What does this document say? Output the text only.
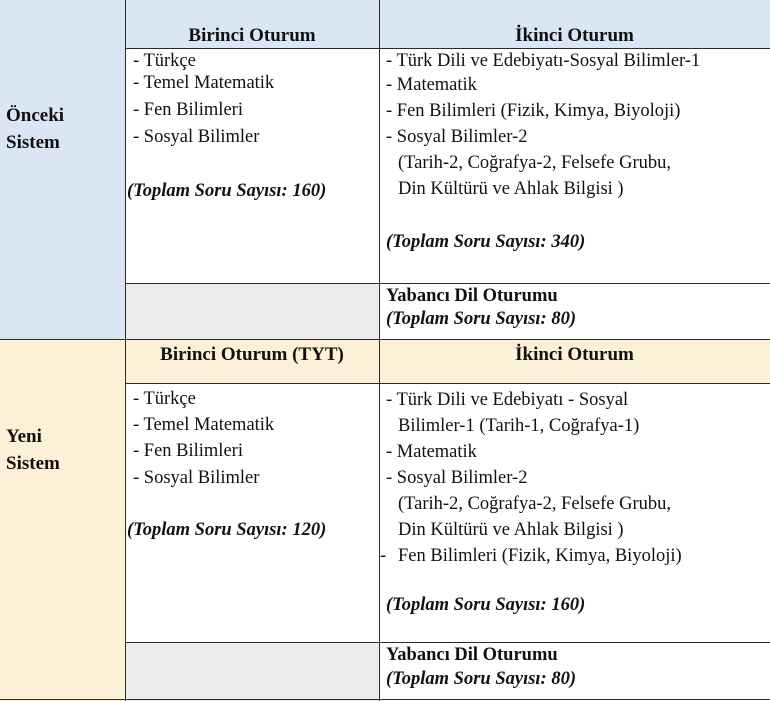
Önceki
Sistem
Birinci Oturum	İkinci Oturum
- Türkçe
- Temel Matematik
- Fen Bilimleri
- Sosyal Bilimler
(Toplam Soru Sayısı: 160)
- Türk Dili ve Edebiyatı-Sosyal Bilimler-1
- Matematik
- Fen Bilimleri (Fizik, Kimya, Biyoloji)
- Sosyal Bilimler-2
(Tarih-2, Coğrafya-2, Felsefe Grubu,
Din Kültürü ve Ahlak Bilgisi )
(Toplam Soru Sayısı: 340)
Yabancı Dil Oturumu
(Toplam Soru Sayısı: 80)
Yeni
Sistem
Birinci Oturum (TYT)	İkinci Oturum
- Türkçe
- Temel Matematik
- Fen Bilimleri
- Sosyal Bilimler
(Toplam Soru Sayısı: 120)
- Türk Dili ve Edebiyatı - Sosyal
Bilimler-1 (Tarih-1, Coğrafya-1)
- Matematik
- Sosyal Bilimler-2
(Tarih-2, Coğrafya-2, Felsefe Grubu,
Din Kültürü ve Ahlak Bilgisi )
- Fen Bilimleri (Fizik, Kimya, Biyoloji)
(Toplam Soru Sayısı: 160)
Yabancı Dil Oturumu
(Toplam Soru Sayısı: 80)
